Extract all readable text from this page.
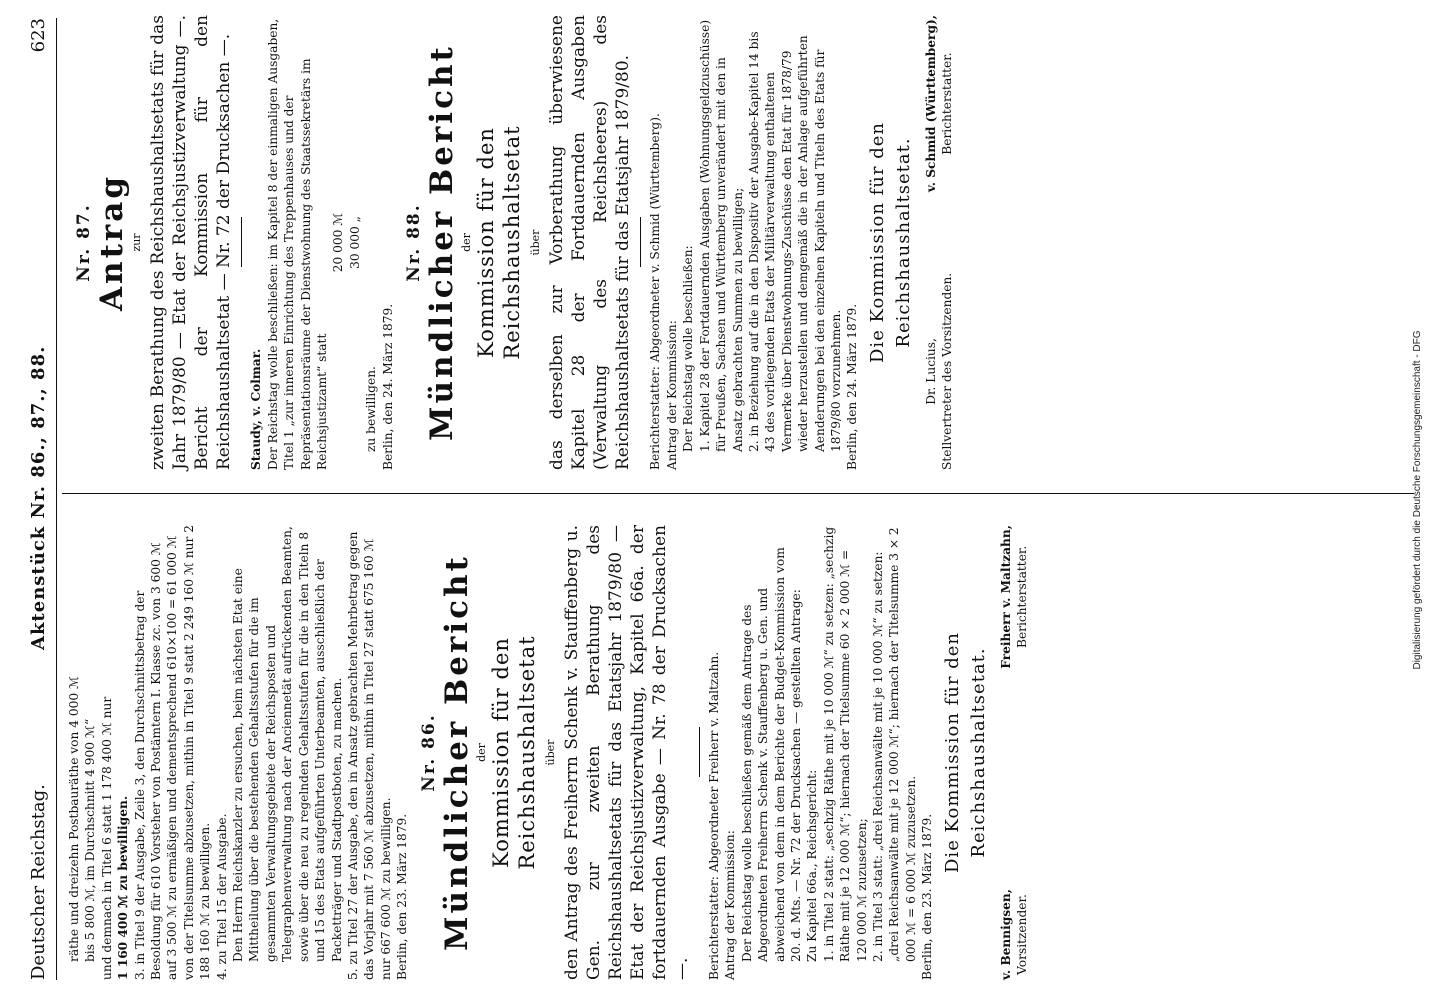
Deutscher Reichstag.
Aktenstück Nr. 86., 87., 88.
623

räthe und dreizehn Postbauräthe von 4 000 ℳ bis 5 800 ℳ, im Durchschnitt 4 900 ℳ“ und demnach in Titel 6 statt 1 178 400 ℳ nur 1 160 400 ℳ zu bewilligen. 3. in Titel 9 der Ausgabe, Zeile 3, den Durchschnittsbetrag der Besoldung für 610 Vorsteher von Postämtern I. Klasse zc. von 3 600 ℳ auf 3 500 ℳ zu ermäßigen und dementsprechend 610×100 = 61 000 ℳ von der Titelsumme abzusetzen, mithin in Titel 9 statt 2 249 160 ℳ nur 2 188 160 ℳ zu bewilligen. 4. zu Titel 15 der Ausgabe. Den Herrn Reichskanzler zu ersuchen, beim nächsten Etat eine Mittheilung über die bestehenden Gehaltsstufen für die im gesammten Verwaltungsgebiete der Reichsposten und Telegraphenverwaltung nach der Anciennetät aufrückenden Beamten, sowie über die neu zu regelnden Gehaltsstufen für die in den Titeln 8 und 15 des Etats aufgeführten Unterbeamten, ausschließlich der Packetträger und Stadtpostboten, zu machen. 5. zu Titel 27 der Ausgabe, den in Ansatz gebrachten Mehrbetrag gegen das Vorjahr mit 7 560 ℳ abzusetzen, mithin in Titel 27 statt 675 160 ℳ nur 667 600 ℳ zu bewilligen. Berlin, den 23. März 1879.

Nr. 86. Mündlicher Bericht der Kommission für den Reichshaushaltsetat über den Antrag des Freiherrn Schenk v. Stauffenberg u. Gen. zur zweiten Berathung des Reichshaushaltsetats für das Etatsjahr 1879/80 — Etat der Reichsjustizverwaltung, Kapitel 66a. der fortdauernden Ausgabe — Nr. 78 der Drucksachen —. Berichterstatter: Abgeordneter Freiherr v. Maltzahn. Antrag der Kommission: Der Reichstag wolle beschließen gemäß dem Antrage des Abgeordneten Freiherrn Schenk v. Stauffenberg u. Gen. und abweichend von dem in dem Berichte der Budget-Kommission vom 20. d. Mts. — Nr. 72 der Drucksachen — gestellten Antrage: Zu Kapitel 66a., Reichsgericht: 1. in Titel 2 statt: „sechzig Räthe mit je 10 000 ℳ“ zu setzen: „sechzig Räthe mit je 12 000 ℳ“; hiernach der Titelsumme 60 × 2 000 ℳ = 120 000 ℳ zuzusetzen; 2. in Titel 3 statt: „drei Reichsanwälte mit je 10 000 ℳ“ zu setzen: „drei Reichsanwälte mit je 12 000 ℳ“; hiernach der Titelsumme 3 × 2 000 ℳ = 6 000 ℳ zuzusetzen. Berlin, den 23. März 1879.

Die Kommission für den Reichshaushaltsetat.

v. Bennigsen, Vorsitzender.
Freiherr v. Maltzahn, Berichterstatter.
Nr. 87. Antrag zur zweiten Berathung des Reichshaushaltsetats für das Jahr 1879/80 — Etat der Reichsjustizverwaltung —. Bericht der Kommission für den Reichshaushaltsetat — Nr. 72 der Drucksachen —. Staudy, v. Colmar. Der Reichstag wolle beschließen: im Kapitel 8 der einmaligen Ausgaben, Titel 1 „zur inneren Einrichtung des Treppenhauses und der Repräsentationsräume der Dienstwohnung des Staatssekretärs im Reichsjustizamt“ statt

20 000 ℳ 30 000 „

zu bewilligen. Berlin, den 24. März 1879.

Nr. 88. Mündlicher Bericht der Kommission für den Reichshaushaltsetat über das derselben zur Vorberathung überwiesene Kapitel 28 der Fortdauernden Ausgaben (Verwaltung des Reichsheeres) des Reichshaushaltsetats für das Etatsjahr 1879/80. Berichterstatter: Abgeordneter v. Schmid (Württemberg). Antrag der Kommission: Der Reichstag wolle beschließen: 1. Kapitel 28 der Fortdauernden Ausgaben (Wohnungsgeldzuschüsse) für Preußen, Sachsen und Württemberg unverändert mit den in Ansatz gebrachten Summen zu bewilligen; 2. in Beziehung auf die in den Dispositiv der Ausgabe-Kapitel 14 bis 43 des vorliegenden Etats der Militärverwaltung enthaltenen Vermerke über Dienstwohnungs-Zuschüsse den Etat für 1878/79 wieder herzustellen und demgemäß die in der Anlage aufgeführten Aenderungen bei den einzelnen Kapiteln und Titeln des Etats für 1879/80 vorzunehmen. Berlin, den 24. März 1879.

Die Kommission für den Reichshaushaltsetat.

Dr. Lucius, Stellvertreter des Vorsitzenden.
v. Schmid (Württemberg), Berichterstatter.
Digitalisierung gefördert durch die Deutsche Forschungsgemeinschaft - DFG
